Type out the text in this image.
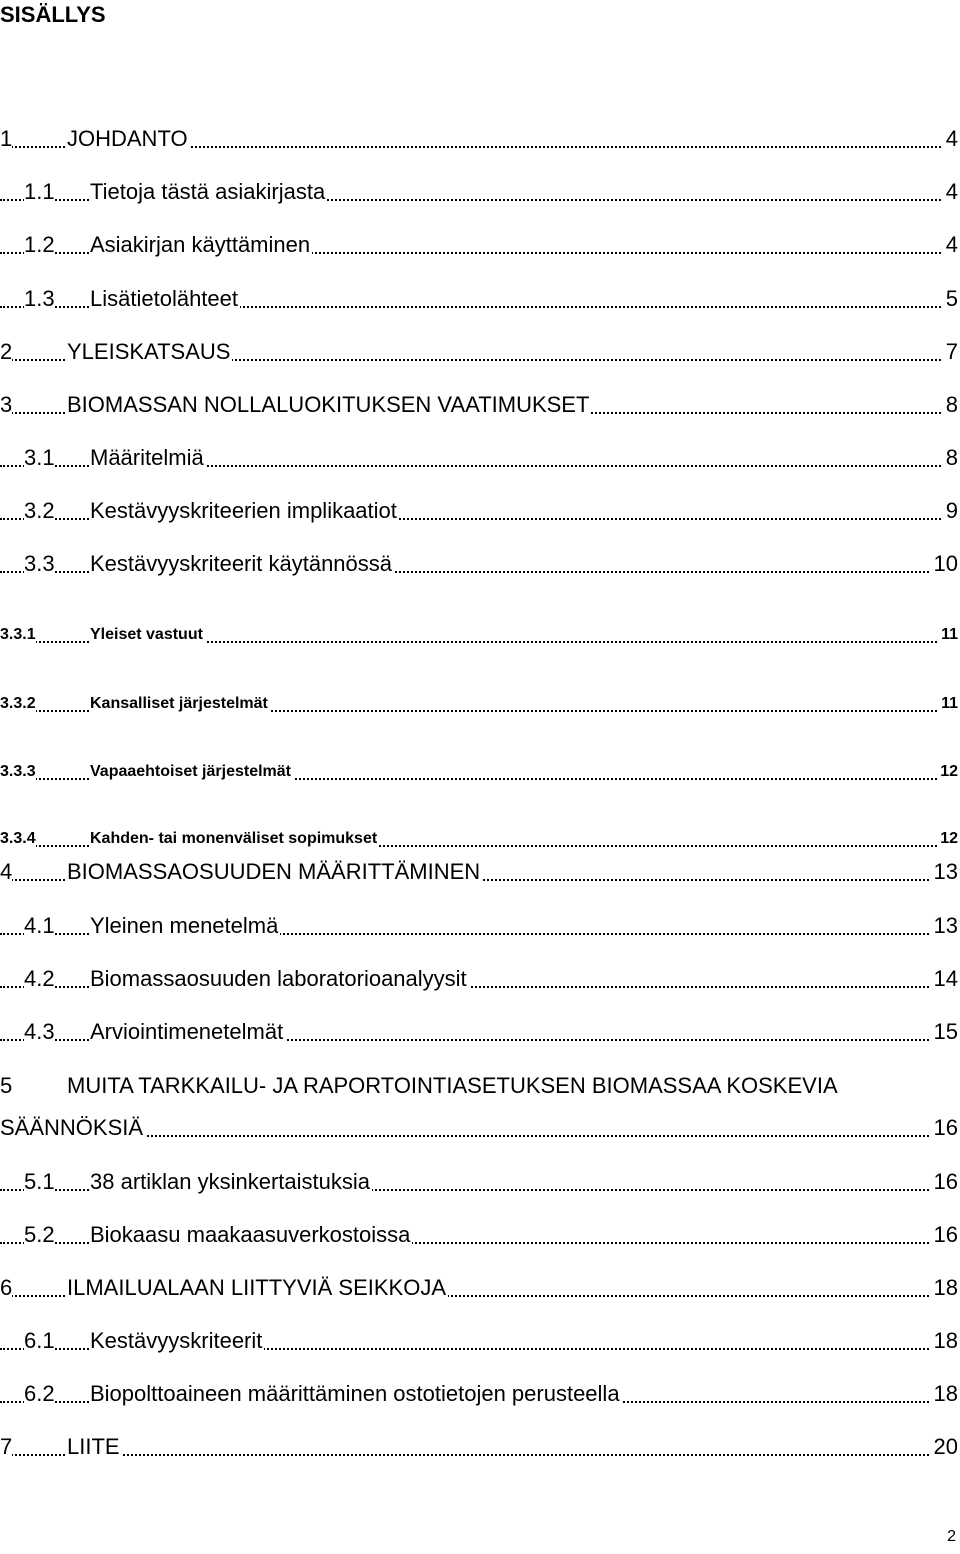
SISÄLLYS
1 JOHDANTO	4
1.1 Tietoja tästä asiakirjasta	4
1.2 Asiakirjan käyttäminen	4
1.3 Lisätietolähteet	5
2 YLEISKATSAUS	7
3 BIOMASSAN NOLLALUOKITUKSEN VAATIMUKSET	8
3.1 Määritelmiä	8
3.2 Kestävyyskriteerien implikaatiot	9
3.3 Kestävyyskriteerit käytännössä	10
3.3.1	Yleiset vastuut	11
3.3.2	Kansalliset järjestelmät	11
3.3.3	Vapaaehtoiset järjestelmät	12
3.3.4	Kahden- tai monenväliset sopimukset	12
4 BIOMASSAOSUUDEN MÄÄRITTÄMINEN	13
4.1 Yleinen menetelmä	13
4.2 Biomassaosuuden laboratorioanalyysit	14
4.3 Arviointimenetelmät	15
5 MUITA TARKKAILU- JA RAPORTOINTIASETUKSEN BIOMASSAA KOSKEVIA
SÄÄNNÖKSIÄ	16
5.1 38 artiklan yksinkertaistuksia	16
5.2 Biokaasu maakaasuverkostoissa	16
6 ILMAILUALAAN LIITTYVIÄ SEIKKOJA	18
6.1 Kestävyyskriteerit	18
6.2 Biopolttoaineen määrittäminen ostotietojen perusteella	18
7 LIITE	20
2
